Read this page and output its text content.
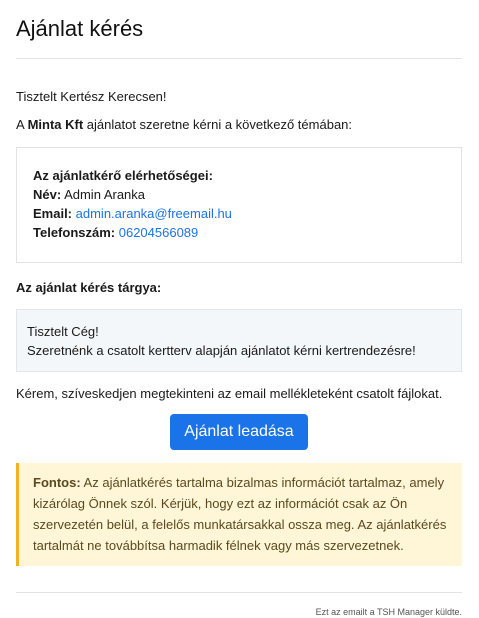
Ajánlat kérés
Tisztelt Kertész Kerecsen!
A Minta Kft ajánlatot szeretne kérni a következő témában:
Az ajánlatkérő elérhetőségei:
Név: Admin Aranka
Email: admin.aranka@freemail.hu
Telefonszám: 06204566089
Az ajánlat kérés tárgya:
Tisztelt Cég!
Szeretnénk a csatolt kertterv alapján ajánlatot kérni kertrendezésre!
Kérem, szíveskedjen megtekinteni az email mellékleteként csatolt fájlokat.
Ajánlat leadása
Fontos: Az ajánlatkérés tartalma bizalmas információt tartalmaz, amely kizárólag Önnek szól. Kérjük, hogy ezt az információt csak az Ön szervezetén belül, a felelős munkatársakkal ossza meg. Az ajánlatkérés tartalmát ne továbbítsa harmadik félnek vagy más szervezetnek.
Ezt az emailt a TSH Manager küldte.
